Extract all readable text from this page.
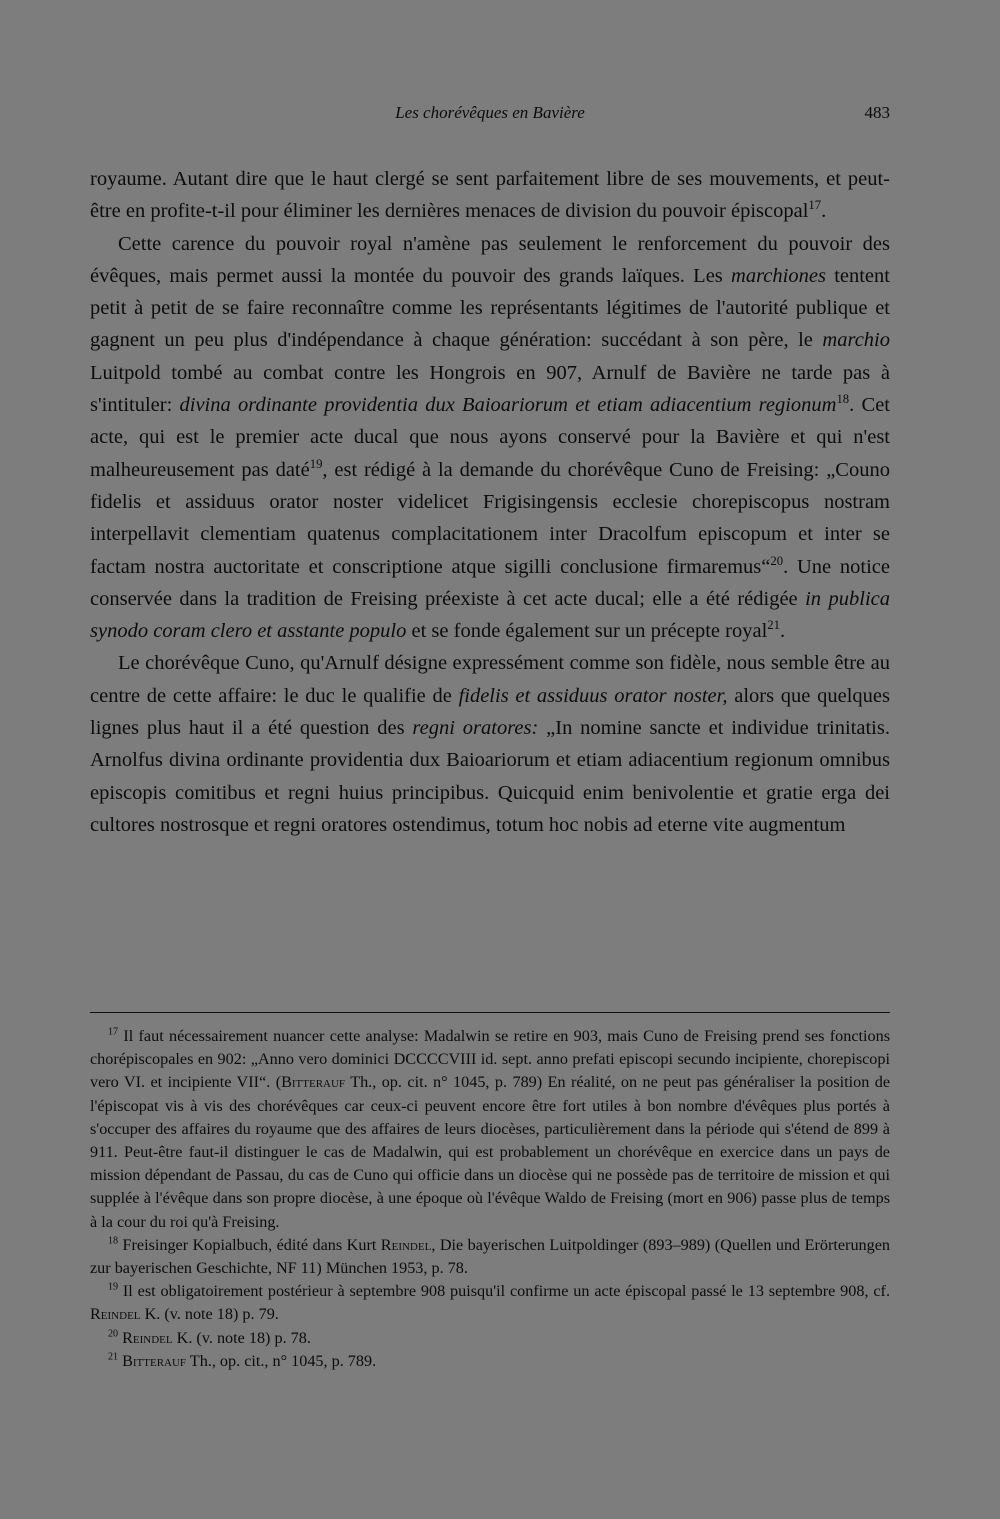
Les chorévêques en Bavière	483

royaume. Autant dire que le haut clergé se sent parfaitement libre de ses mouvements, et peut-être en profite-t-il pour éliminer les dernières menaces de division du pouvoir épiscopal$^{17}$.

Cette carence du pouvoir royal n'amène pas seulement le renforcement du pouvoir des évêques, mais permet aussi la montée du pouvoir des grands laïques. Les marchiones tentent petit à petit de se faire reconnaître comme les représentants légitimes de l'autorité publique et gagnent un peu plus d'indépendance à chaque génération: succédant à son père, le marchio Luitpold tombé au combat contre les Hongrois en 907, Arnulf de Bavière ne tarde pas à s'intituler: divina ordinante providentia dux Baioariorum et etiam adiacentium regionum$^{18}$. Cet acte, qui est le premier acte ducal que nous ayons conservé pour la Bavière et qui n'est malheureusement pas daté$^{19}$, est rédigé à la demande du chorévêque Cuno de Freising: „Couno fidelis et assiduus orator noster videlicet Frigisingensis ecclesie chorepiscopus nostram interpellavit clementiam quatenus complacitationem inter Dracolfum episcopum et inter se factam nostra auctoritate et conscriptione atque sigilli conclusione firmaremus“$^{20}$. Une notice conservée dans la tradition de Freising préexiste à cet acte ducal; elle a été rédigée in publica synodo coram clero et asstante populo et se fonde également sur un précepte royal$^{21}$.

Le chorévêque Cuno, qu'Arnulf désigne expressément comme son fidèle, nous semble être au centre de cette affaire: le duc le qualifie de fidelis et assiduus orator noster, alors que quelques lignes plus haut il a été question des regni oratores: „In nomine sancte et individue trinitatis. Arnolfus divina ordinante providentia dux Baioariorum et etiam adiacentium regionum omnibus episcopis comitibus et regni huius principibus. Quicquid enim benivolentie et gratie erga dei cultores nostrosque et regni oratores ostendimus, totum hoc nobis ad eterne vite augmentum

$^{17}$ Il faut nécessairement nuancer cette analyse: Madalwin se retire en 903, mais Cuno de Freising prend ses fonctions chorépiscopales en 902: „Anno vero dominici DCCCCVIII id. sept. anno prefati episcopi secundo incipiente, chorepiscopi vero VI. et incipiente VII“. (Bitterauf Th., op. cit. n° 1045, p. 789) En réalité, on ne peut pas généraliser la position de l'épiscopat vis à vis des chorévêques car ceux-ci peuvent encore être fort utiles à bon nombre d'évêques plus portés à s'occuper des affaires du royaume que des affaires de leurs diocèses, particulièrement dans la période qui s'étend de 899 à 911. Peut-être faut-il distinguer le cas de Madalwin, qui est probablement un chorévêque en exercice dans un pays de mission dépendant de Passau, du cas de Cuno qui officie dans un diocèse qui ne possède pas de territoire de mission et qui supplée à l'évêque dans son propre diocèse, à une époque où l'évêque Waldo de Freising (mort en 906) passe plus de temps à la cour du roi qu'à Freising.

$^{18}$ Freisinger Kopialbuch, édité dans Kurt Reindel, Die bayerischen Luitpoldinger (893–989) (Quellen und Erörterungen zur bayerischen Geschichte, NF 11) München 1953, p. 78.

$^{19}$ Il est obligatoirement postérieur à septembre 908 puisqu'il confirme un acte épiscopal passé le 13 septembre 908, cf. Reindel K. (v. note 18) p. 79.

$^{20}$ Reindel K. (v. note 18) p. 78.

$^{21}$ Bitterauf Th., op. cit., n° 1045, p. 789.
